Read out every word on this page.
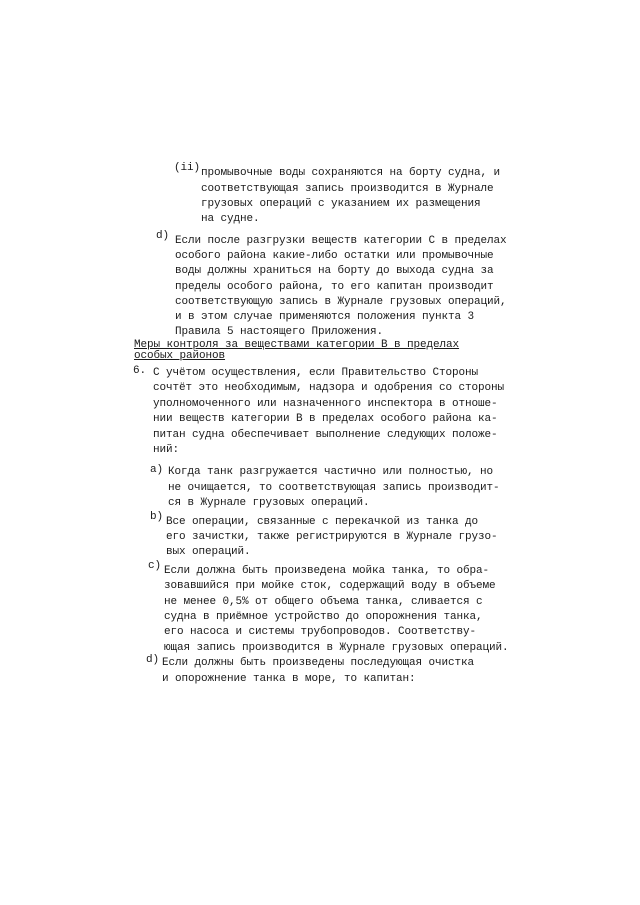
(ii) промывочные воды сохраняются на борту судна, и
соответствующая запись производится в Журнале
грузовых операций с указанием их размещения
на судне.
d) Если после разгрузки веществ категории С в пределах
особого района какие-либо остатки или промывочные
воды должны храниться на борту до выхода судна за
пределы особого района, то его капитан производит
соответствующую запись в Журнале грузовых операций,
и в этом случае применяются положения пункта 3
Правила 5 настоящего Приложения.
Меры контроля за веществами категории В в пределах
особых районов
6. С учётом осуществления, если Правительство Стороны
сочтёт это необходимым, надзора и одобрения со стороны
уполномоченного или назначенного инспектора в отноше-
нии веществ категории В в пределах особого района ка-
питан судна обеспечивает выполнение следующих положе-
ний:
a) Когда танк разгружается частично или полностью, но
не очищается, то соответствующая запись производит-
ся в Журнале грузовых операций.
b) Все операции, связанные с перекачкой из танка до
его зачистки, также регистрируются в Журнале грузо-
вых операций.
c) Если должна быть произведена мойка танка, то обра-
зовавшийся при мойке сток, содержащий воду в объеме
не менее 0,5% от общего объема танка, сливается с
судна в приёмное устройство до опорожнения танка,
его насоса и системы трубопроводов. Соответству-
ющая запись производится в Журнале грузовых операций.
d) Если должны быть произведены последующая очистка
и опорожнение танка в море, то капитан:
